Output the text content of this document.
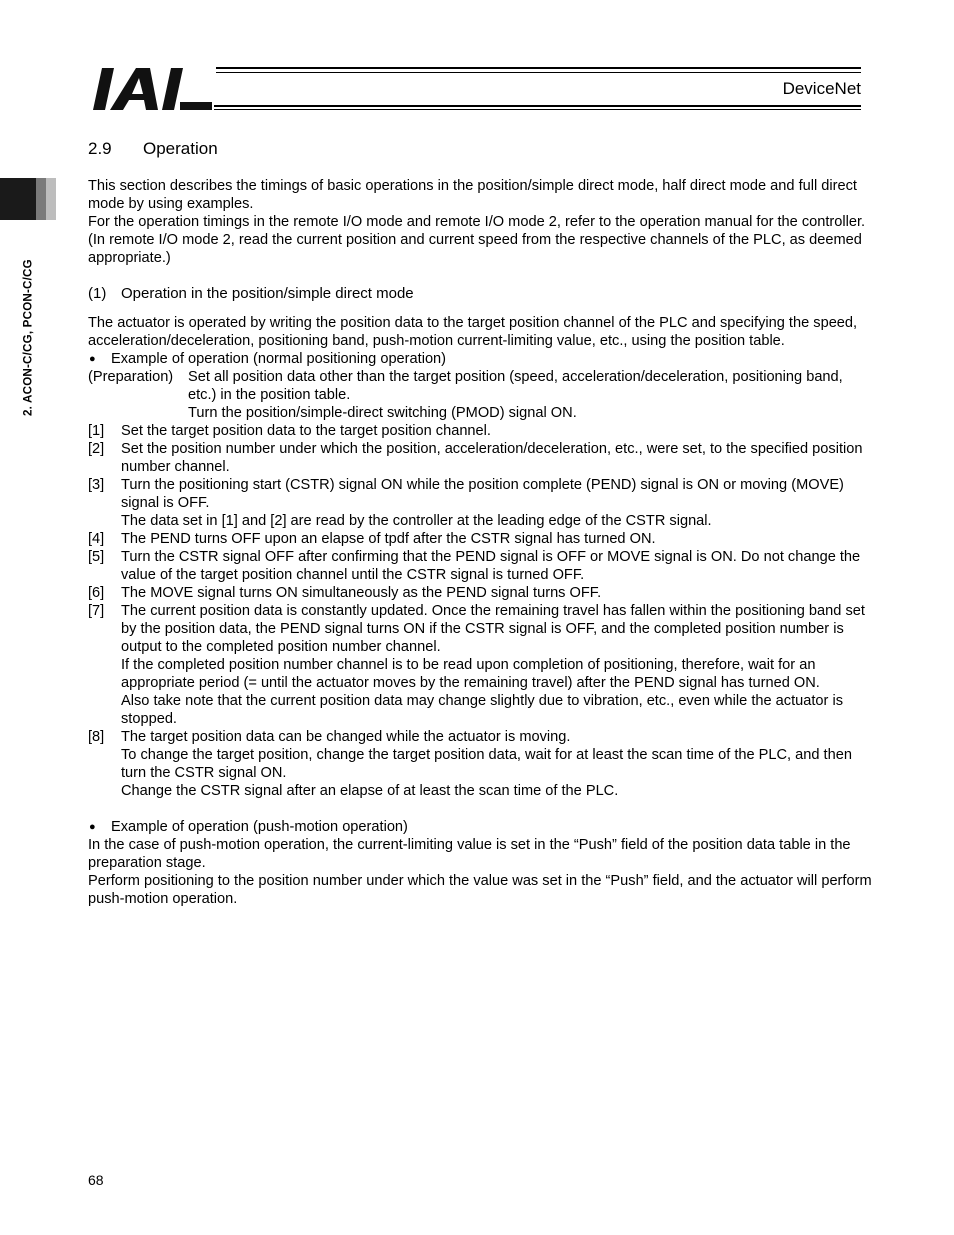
DeviceNet
2. ACON-C/CG, PCON-C/CG
2.9 Operation

This section describes the timings of basic operations in the position/simple direct mode, half direct mode and full direct mode by using examples.

For the operation timings in the remote I/O mode and remote I/O mode 2, refer to the operation manual for the controller.

(In remote I/O mode 2, read the current position and current speed from the respective channels of the PLC, as deemed appropriate.)

(1) Operation in the position/simple direct mode

The actuator is operated by writing the position data to the target position channel of the PLC and specifying the speed, acceleration/deceleration, positioning band, push-motion current-limiting value, etc., using the position table.

●	Example of operation (normal positioning operation)
(Preparation)	Set all position data other than the target position (speed, acceleration/deceleration, positioning band, etc.) in the position table.

Turn the position/simple-direct switching (PMOD) signal ON.

[1]	Set the target position data to the target position channel.

[2]	Set the position number under which the position, acceleration/deceleration, etc., were set, to the specified position number channel.

[3]	Turn the positioning start (CSTR) signal ON while the position complete (PEND) signal is ON or moving (MOVE) signal is OFF.

The data set in [1] and [2] are read by the controller at the leading edge of the CSTR signal.

[4]	The PEND turns OFF upon an elapse of tpdf after the CSTR signal has turned ON.

[5]	Turn the CSTR signal OFF after confirming that the PEND signal is OFF or MOVE signal is ON. Do not change the value of the target position channel until the CSTR signal is turned OFF.

[6]	The MOVE signal turns ON simultaneously as the PEND signal turns OFF.

[7]	The current position data is constantly updated. Once the remaining travel has fallen within the positioning band set by the position data, the PEND signal turns ON if the CSTR signal is OFF, and the completed position number is output to the completed position number channel.

If the completed position number channel is to be read upon completion of positioning, therefore, wait for an appropriate period (= until the actuator moves by the remaining travel) after the PEND signal has turned ON.

Also take note that the current position data may change slightly due to vibration, etc., even while the actuator is stopped.

[8]	The target position data can be changed while the actuator is moving.

To change the target position, change the target position data, wait for at least the scan time of the PLC, and then turn the CSTR signal ON.

Change the CSTR signal after an elapse of at least the scan time of the PLC.

●	Example of operation (push-motion operation)

In the case of push-motion operation, the current-limiting value is set in the “Push” field of the position data table in the preparation stage.

Perform positioning to the position number under which the value was set in the “Push” field, and the actuator will perform push-motion operation.

68
